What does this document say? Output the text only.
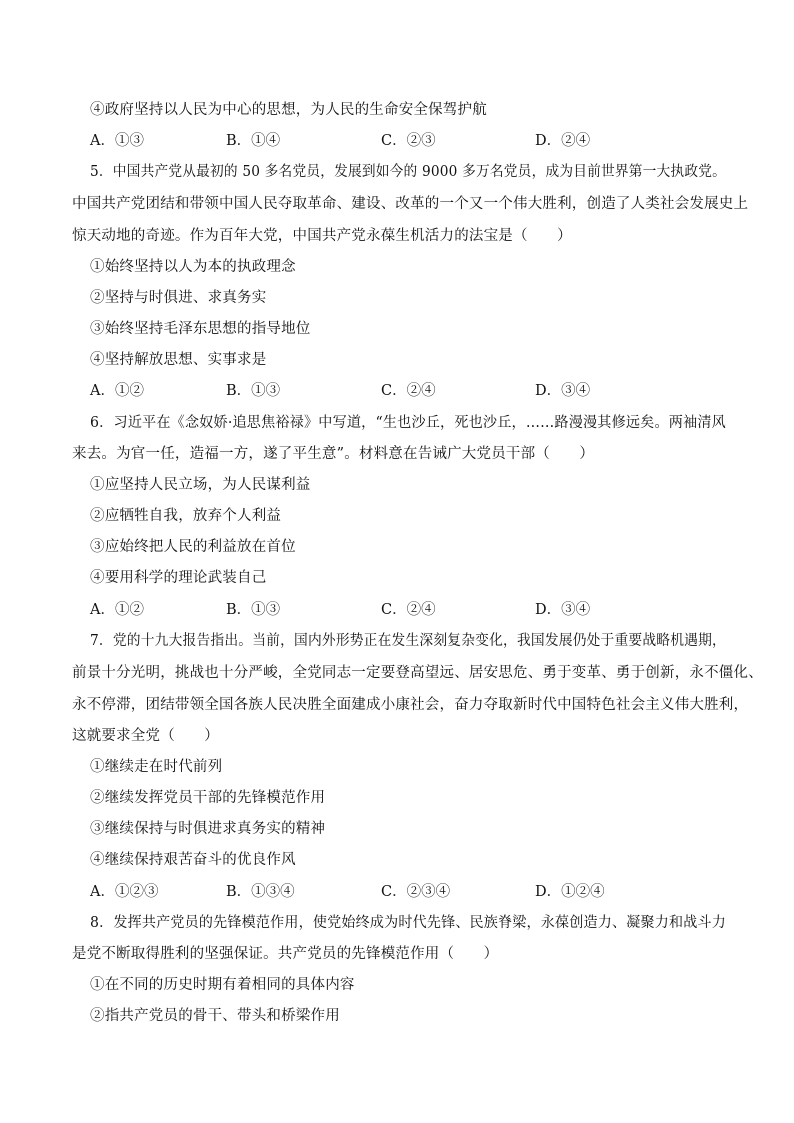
④政府坚持以人民为中心的思想，为人民的生命安全保驾护航
A．①③	B．①④	C．②③	D．②④
5．中国共产党从最初的 50 多名党员，发展到如今的 9000 多万名党员，成为目前世界第一大执政党。
中国共产党团结和带领中国人民夺取革命、建设、改革的一个又一个伟大胜利，创造了人类社会发展史上
惊天动地的奇迹。作为百年大党，中国共产党永葆生机活力的法宝是（　　）
①始终坚持以人为本的执政理念
②坚持与时俱进、求真务实
③始终坚持毛泽东思想的指导地位
④坚持解放思想、实事求是
A．①②	B．①③	C．②④	D．③④
6．习近平在《念奴娇·追思焦裕禄》中写道，“生也沙丘，死也沙丘，……路漫漫其修远矣。两袖清风
来去。为官一任，造福一方，遂了平生意”。材料意在告诫广大党员干部（　　）
①应坚持人民立场，为人民谋利益
②应牺牲自我，放弃个人利益
③应始终把人民的利益放在首位
④要用科学的理论武装自己
A．①②	B．①③	C．②④	D．③④
7．党的十九大报告指出。当前，国内外形势正在发生深刻复杂变化，我国发展仍处于重要战略机遇期，
前景十分光明，挑战也十分严峻，全党同志一定要登高望远、居安思危、勇于变革、勇于创新，永不僵化、
永不停滞，团结带领全国各族人民决胜全面建成小康社会，奋力夺取新时代中国特色社会主义伟大胜利，
这就要求全党（　　）
①继续走在时代前列
②继续发挥党员干部的先锋模范作用
③继续保持与时俱进求真务实的精神
④继续保持艰苦奋斗的优良作风
A．①②③	B．①③④	C．②③④	D．①②④
8．发挥共产党员的先锋模范作用，使党始终成为时代先锋、民族脊梁，永葆创造力、凝聚力和战斗力
是党不断取得胜利的坚强保证。共产党员的先锋模范作用（　　）
①在不同的历史时期有着相同的具体内容
②指共产党员的骨干、带头和桥梁作用
